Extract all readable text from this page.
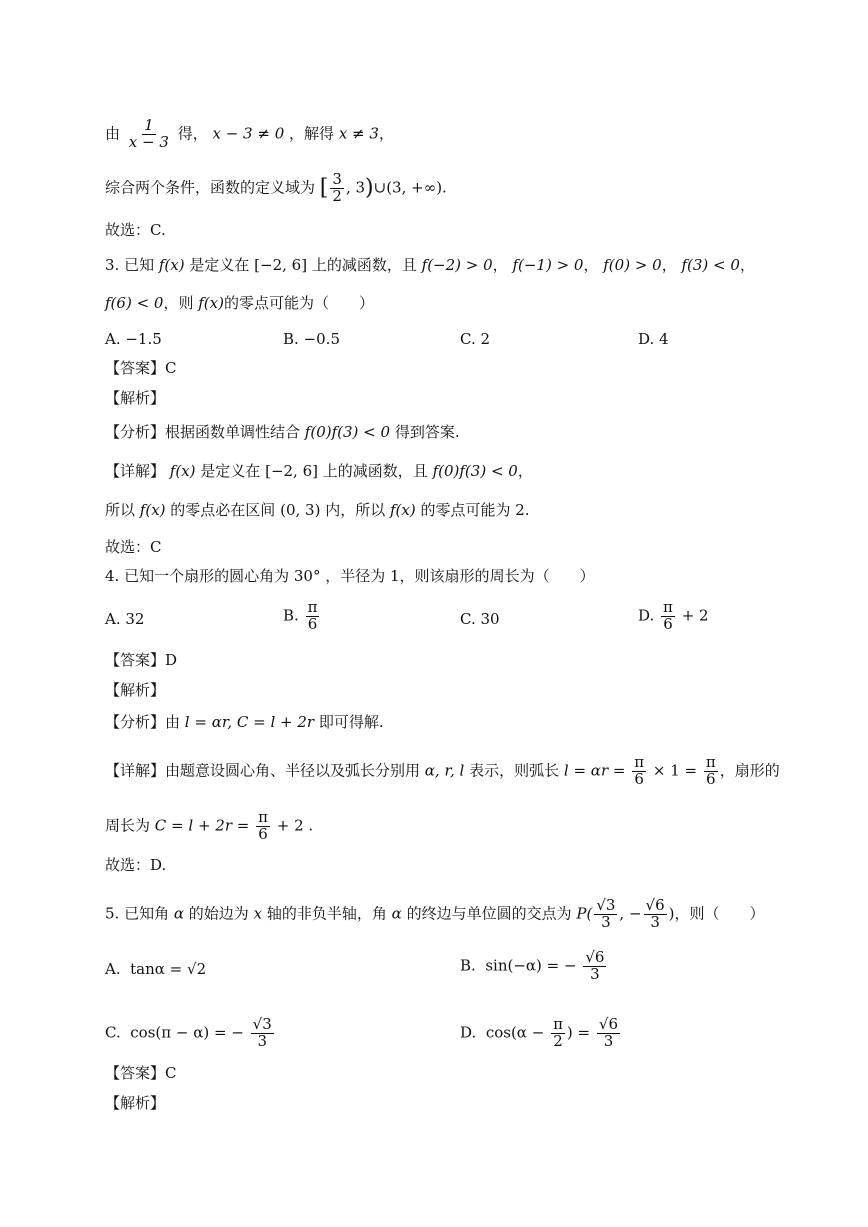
由 $\frac{1}{x - 3}$ 得， x − 3 ≠ 0 ，解得 x ≠ 3，
综合两个条件，函数的定义域为 [ $\frac{3}{2}$ , 3)∪(3, +∞).
故选：C.
3. 已知 f(x) 是定义在 [−2, 6] 上的减函数，且 f(−2) > 0， f(−1) > 0， f(0) > 0， f(3) < 0，
f(6) < 0，则 f(x)的零点可能为（　　）
A. −1.5	B. −0.5	C. 2	D. 4
【答案】C
【解析】
【分析】根据函数单调性结合 f(0)f(3) < 0 得到答案.
【详解】 f(x) 是定义在 [−2, 6] 上的减函数，且 f(0)f(3) < 0，
所以 f(x) 的零点必在区间 (0, 3) 内，所以 f(x) 的零点可能为 2.
故选：C
4. 已知一个扇形的圆心角为 30° ，半径为 1，则该扇形的周长为（　　）
A. 32	B. $\frac{\pi}{6}$	C. 30	D. $\frac{\pi}{6} + 2$
【答案】D
【解析】
【分析】由 l = αr, C = l + 2r 即可得解.
【详解】由题意设圆心角、半径以及弧长分别用 α, r, l 表示，则弧长 $l = \alpha r = \frac{\pi}{6} \times 1 = \frac{\pi}{6}$ ，扇形的
周长为 $C = l + 2r = \frac{\pi}{6} + 2$ .
故选：D.
5. 已知角 α 的始边为 x 轴的非负半轴，角 α 的终边与单位圆的交点为 $P( \frac{√3}{3}$ , − $\frac{√6}{3}$ )，则（　　）
A. tanα = √2	B. sin(−α) = − $\frac{√6}{3}$
C. cos(π − α) = − $\frac{√3}{3}$	D. $\cos(\alpha - \frac{\pi}{2}$ ) = $\frac{√6}{3}$
【答案】C
【解析】
